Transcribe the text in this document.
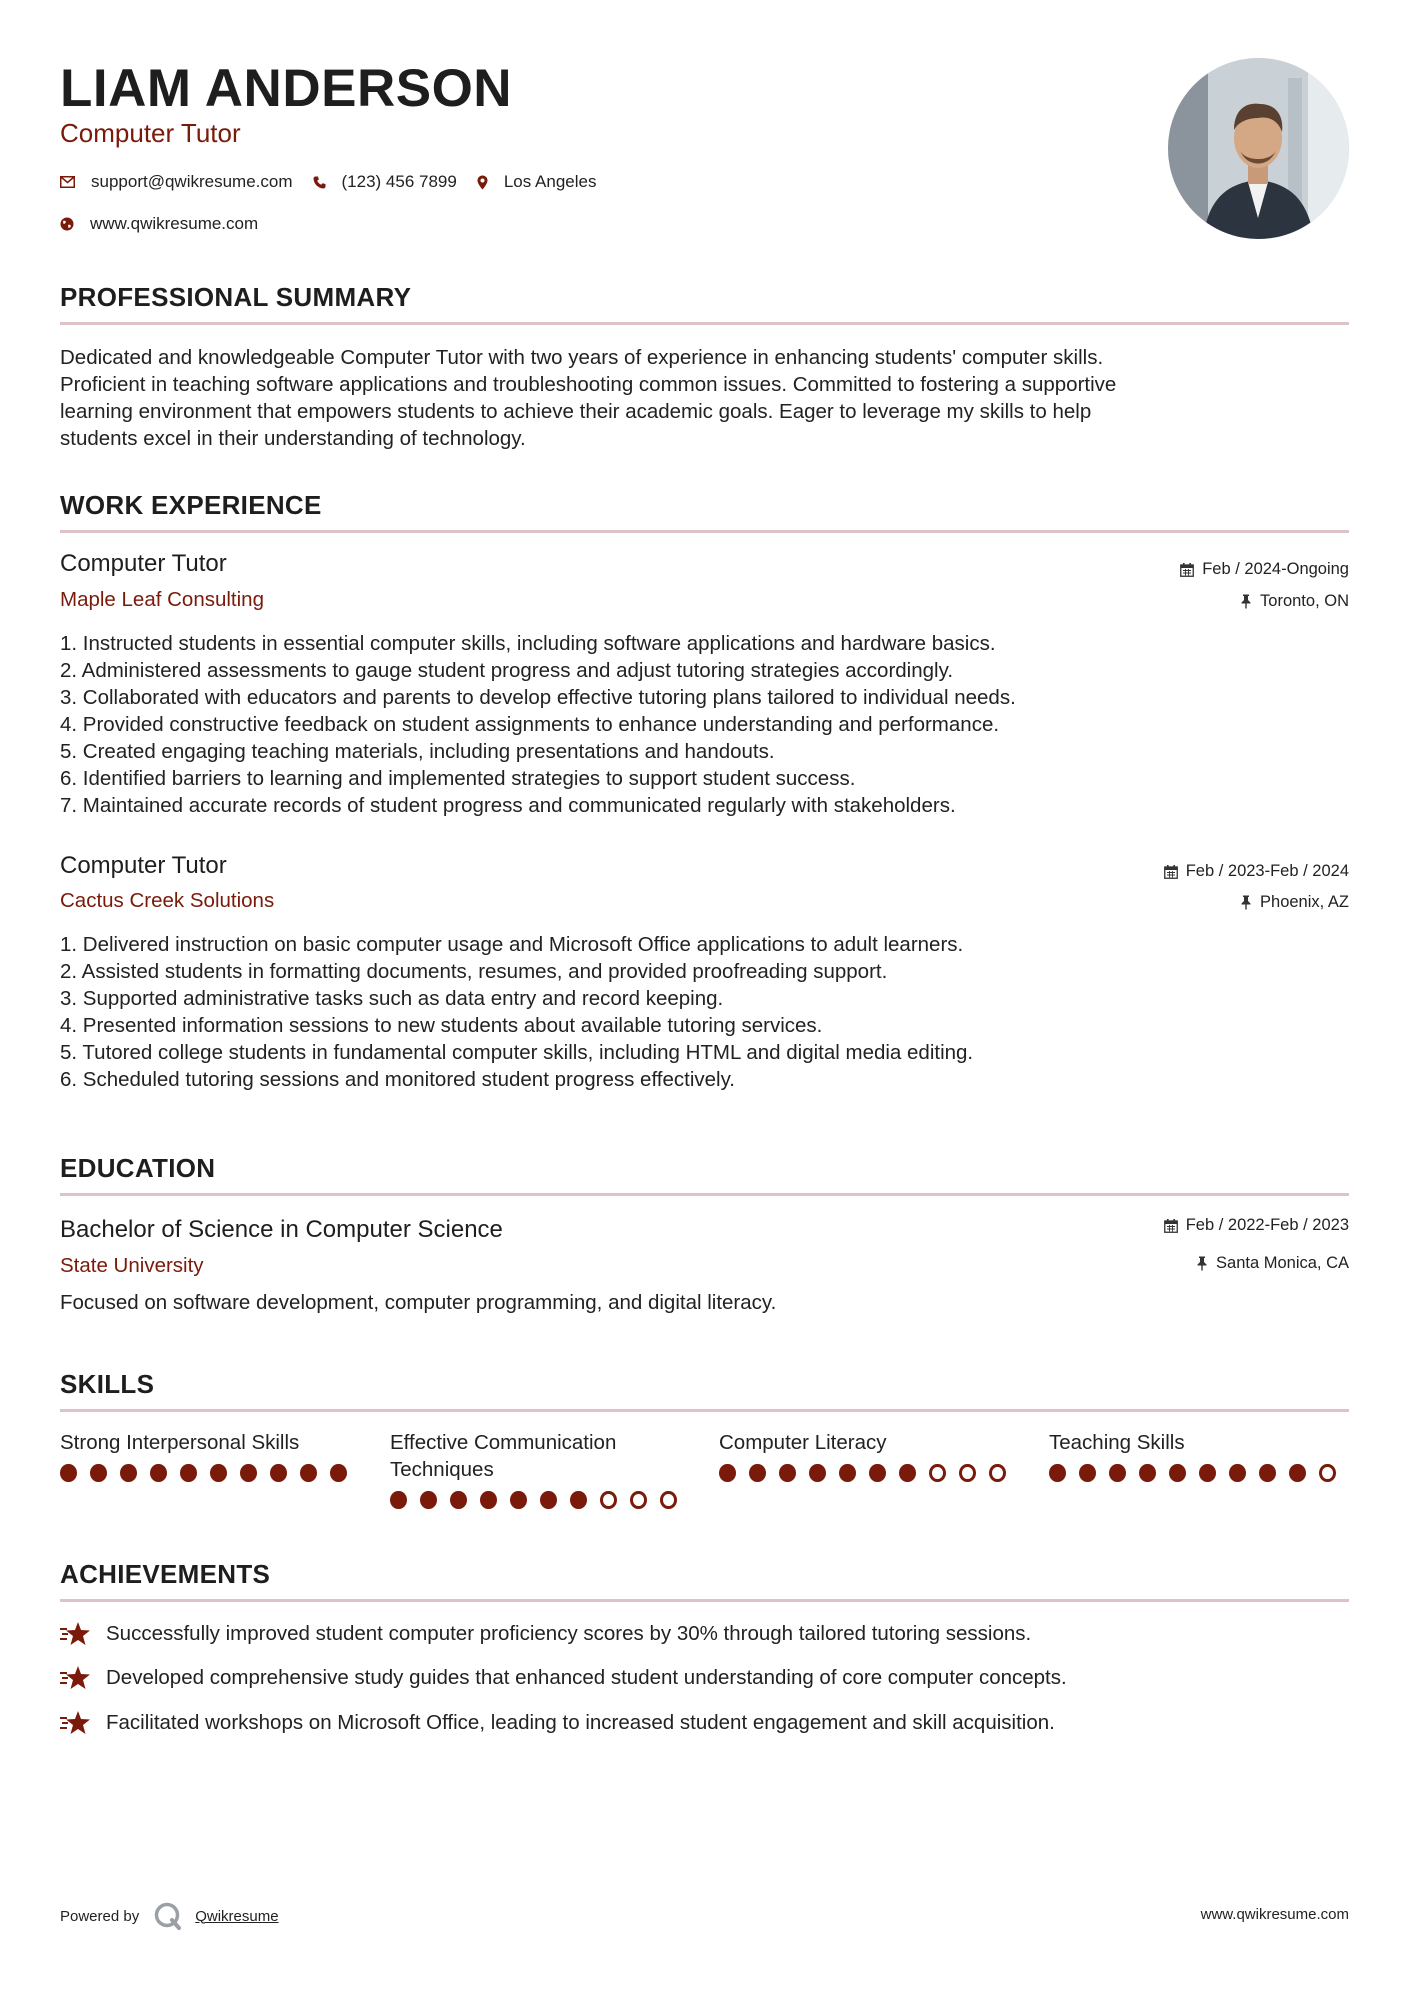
LIAM ANDERSON
Computer Tutor
support@qwikresume.com	(123) 456 7899	Los Angeles
www.qwikresume.com
PROFESSIONAL SUMMARY
Dedicated and knowledgeable Computer Tutor with two years of experience in enhancing students' computer skills.
Proficient in teaching software applications and troubleshooting common issues. Committed to fostering a supportive
learning environment that empowers students to achieve their academic goals. Eager to leverage my skills to help
students excel in their understanding of technology.
WORK EXPERIENCE
Computer Tutor
Maple Leaf Consulting
Feb / 2024-Ongoing
Toronto, ON
1. Instructed students in essential computer skills, including software applications and hardware basics.
2. Administered assessments to gauge student progress and adjust tutoring strategies accordingly.
3. Collaborated with educators and parents to develop effective tutoring plans tailored to individual needs.
4. Provided constructive feedback on student assignments to enhance understanding and performance.
5. Created engaging teaching materials, including presentations and handouts.
6. Identified barriers to learning and implemented strategies to support student success.
7. Maintained accurate records of student progress and communicated regularly with stakeholders.
Computer Tutor
Cactus Creek Solutions
Feb / 2023-Feb / 2024
Phoenix, AZ
1. Delivered instruction on basic computer usage and Microsoft Office applications to adult learners.
2. Assisted students in formatting documents, resumes, and provided proofreading support.
3. Supported administrative tasks such as data entry and record keeping.
4. Presented information sessions to new students about available tutoring services.
5. Tutored college students in fundamental computer skills, including HTML and digital media editing.
6. Scheduled tutoring sessions and monitored student progress effectively.
EDUCATION
Bachelor of Science in Computer Science
State University
Feb / 2022-Feb / 2023
Santa Monica, CA
Focused on software development, computer programming, and digital literacy.
SKILLS
Strong Interpersonal Skills	Effective Communication
Techniques
Computer Literacy	Teaching Skills
ACHIEVEMENTS
Successfully improved student computer proficiency scores by 30% through tailored tutoring sessions.
Developed comprehensive study guides that enhanced student understanding of core computer concepts.
Facilitated workshops on Microsoft Office, leading to increased student engagement and skill acquisition.
Powered by	Qwikresume	www.qwikresume.com
